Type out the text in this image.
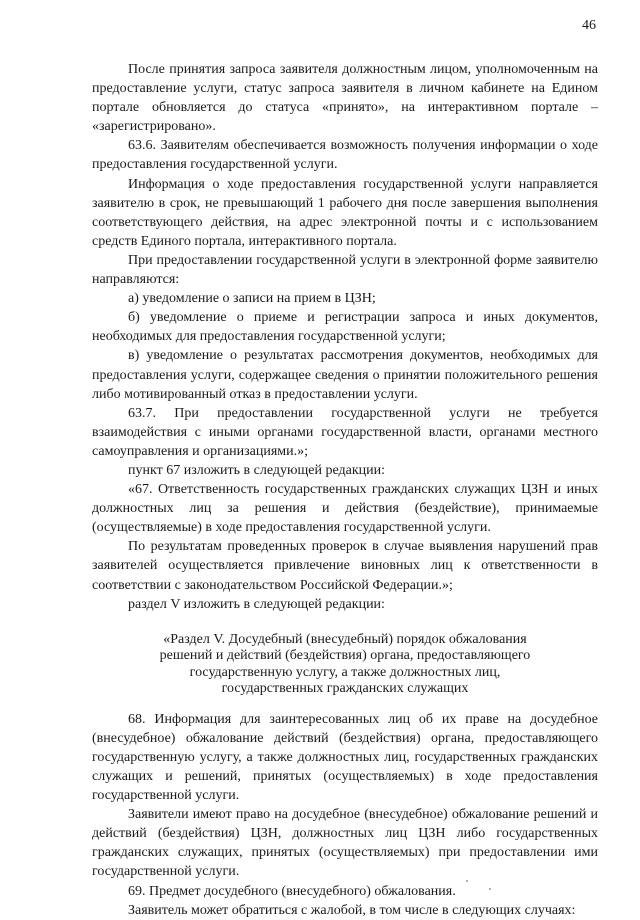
46

После принятия запроса заявителя должностным лицом, уполномоченным на предоставление услуги, статус запроса заявителя в личном кабинете на Едином портале обновляется до статуса «принято», на интерактивном портале – «зарегистрировано».

63.6. Заявителям обеспечивается возможность получения информации о ходе предоставления государственной услуги.

Информация о ходе предоставления государственной услуги направляется заявителю в срок, не превышающий 1 рабочего дня после завершения выполнения соответствующего действия, на адрес электронной почты и с использованием средств Единого портала, интерактивного портала.

При предоставлении государственной услуги в электронной форме заявителю направляются:

а) уведомление о записи на прием в ЦЗН;

б) уведомление о приеме и регистрации запроса и иных документов, необходимых для предоставления государственной услуги;

в) уведомление о результатах рассмотрения документов, необходимых для предоставления услуги, содержащее сведения о принятии положительного решения либо мотивированный отказ в предоставлении услуги.

63.7. При предоставлении государственной услуги не требуется взаимодействия с иными органами государственной власти, органами местного самоуправления и организациями.»;

пункт 67 изложить в следующей редакции:

«67. Ответственность государственных гражданских служащих ЦЗН и иных должностных лиц за решения и действия (бездействие), принимаемые (осуществляемые) в ходе предоставления государственной услуги.

По результатам проведенных проверок в случае выявления нарушений прав заявителей осуществляется привлечение виновных лиц к ответственности в соответствии с законодательством Российской Федерации.»;

раздел V изложить в следующей редакции:

«Раздел V. Досудебный (внесудебный) порядок обжалования
решений и действий (бездействия) органа, предоставляющего
государственную услугу, а также должностных лиц,
государственных гражданских служащих

68. Информация для заинтересованных лиц об их праве на досудебное (внесудебное) обжалование действий (бездействия) органа, предоставляющего государственную услугу, а также должностных лиц, государственных гражданских служащих и решений, принятых (осуществляемых) в ходе предоставления государственной услуги.

Заявители имеют право на досудебное (внесудебное) обжалование решений и действий (бездействия) ЦЗН, должностных лиц ЦЗН либо государственных гражданских служащих, принятых (осуществляемых) при предоставлении ими государственной услуги.

69. Предмет досудебного (внесудебного) обжалования.

Заявитель может обратиться с жалобой, в том числе в следующих случаях:
